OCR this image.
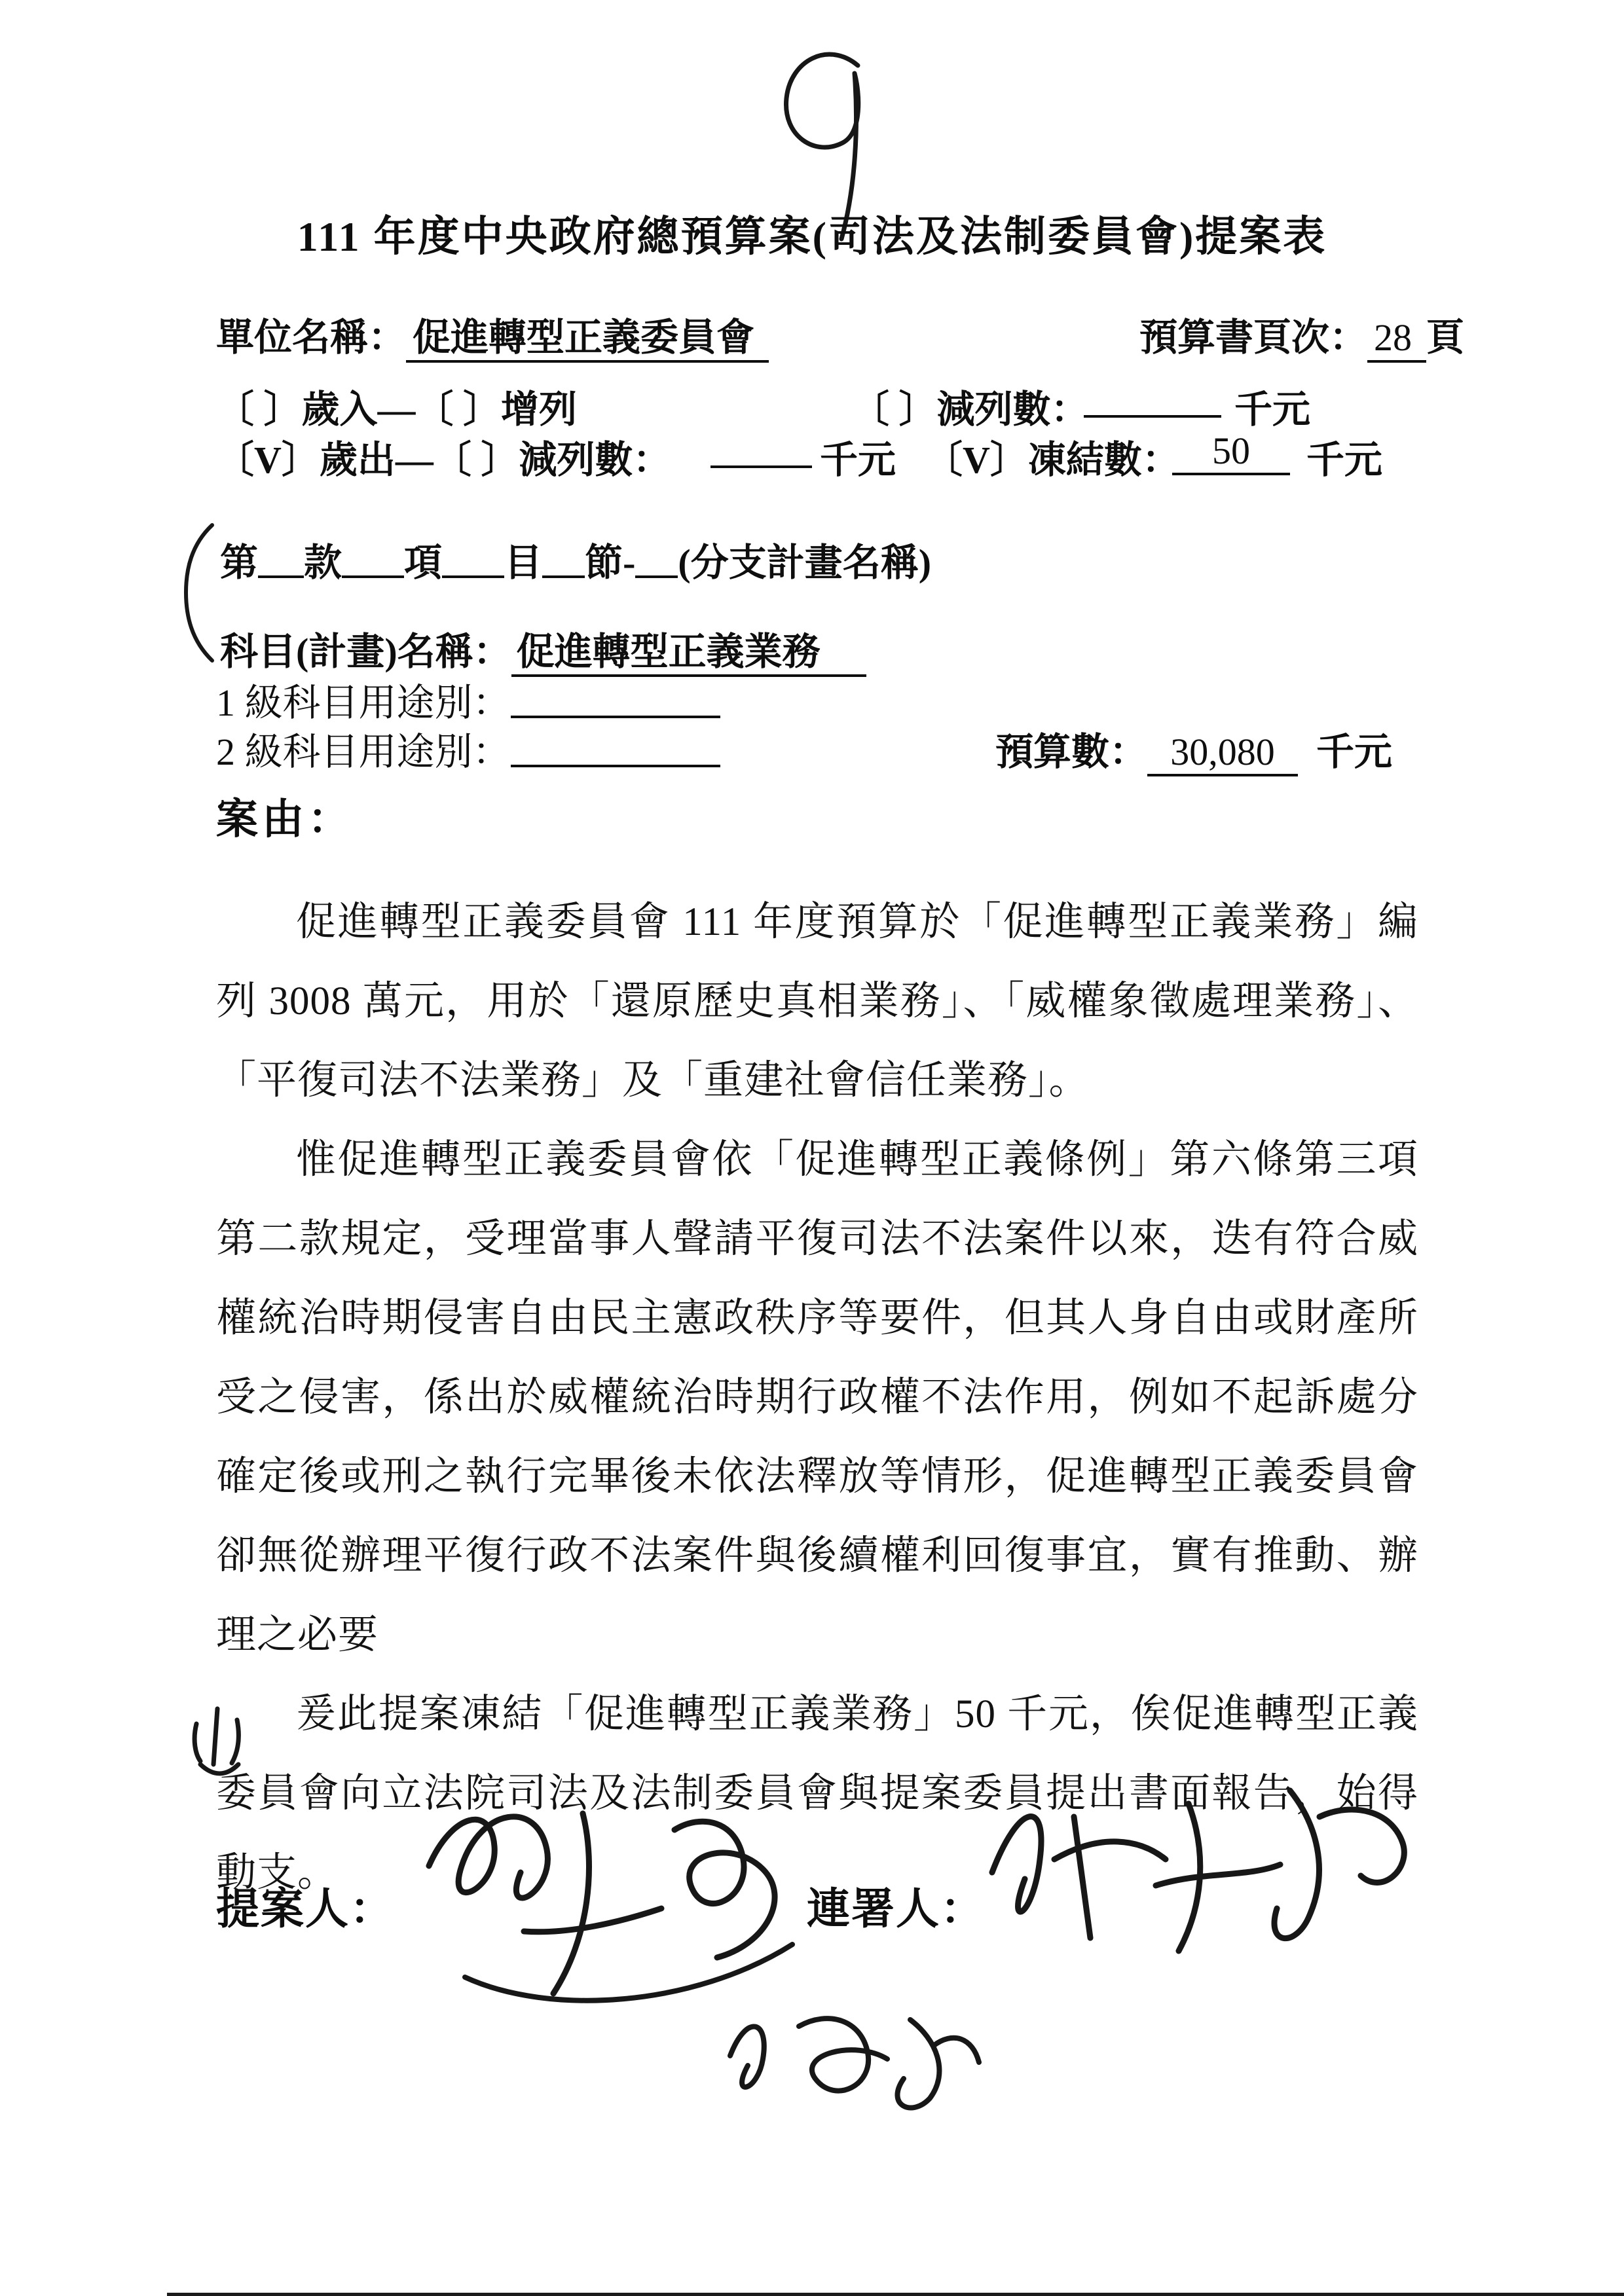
111 年度中央政府總預算案(司法及法制委員會)提案表
單位名稱： 促進轉型正義委員會	預算書頁次： 28 頁
〔 〕歲入—〔 〕增列	〔 〕減列數：	千元
〔V〕歲出—〔 〕減列數：	千元 〔V〕凍結數： 50	千元
第 款 項 目 節- (分支計畫名稱)
科目(計畫)名稱： 促進轉型正義業務
1 級科目用途別：
2 級科目用途別：	預算數： 30,080 千元
案由：

促進轉型正義委員會 111 年度預算於「促進轉型正義業務」編列 3008 萬元，用於「還原歷史真相業務」、「威權象徵處理業務」、「平復司法不法業務」及「重建社會信任業務」。

惟促進轉型正義委員會依「促進轉型正義條例」第六條第三項第二款規定，受理當事人聲請平復司法不法案件以來，迭有符合威權統治時期侵害自由民主憲政秩序等要件，但其人身自由或財產所受之侵害，係出於威權統治時期行政權不法作用，例如不起訴處分確定後或刑之執行完畢後未依法釋放等情形，促進轉型正義委員會卻無從辦理平復行政不法案件與後續權利回復事宜，實有推動、辦理之必要

爰此提案凍結「促進轉型正義業務」50 千元，俟促進轉型正義委員會向立法院司法及法制委員會與提案委員提出書面報告，始得動支。

提案人：	連署人：
